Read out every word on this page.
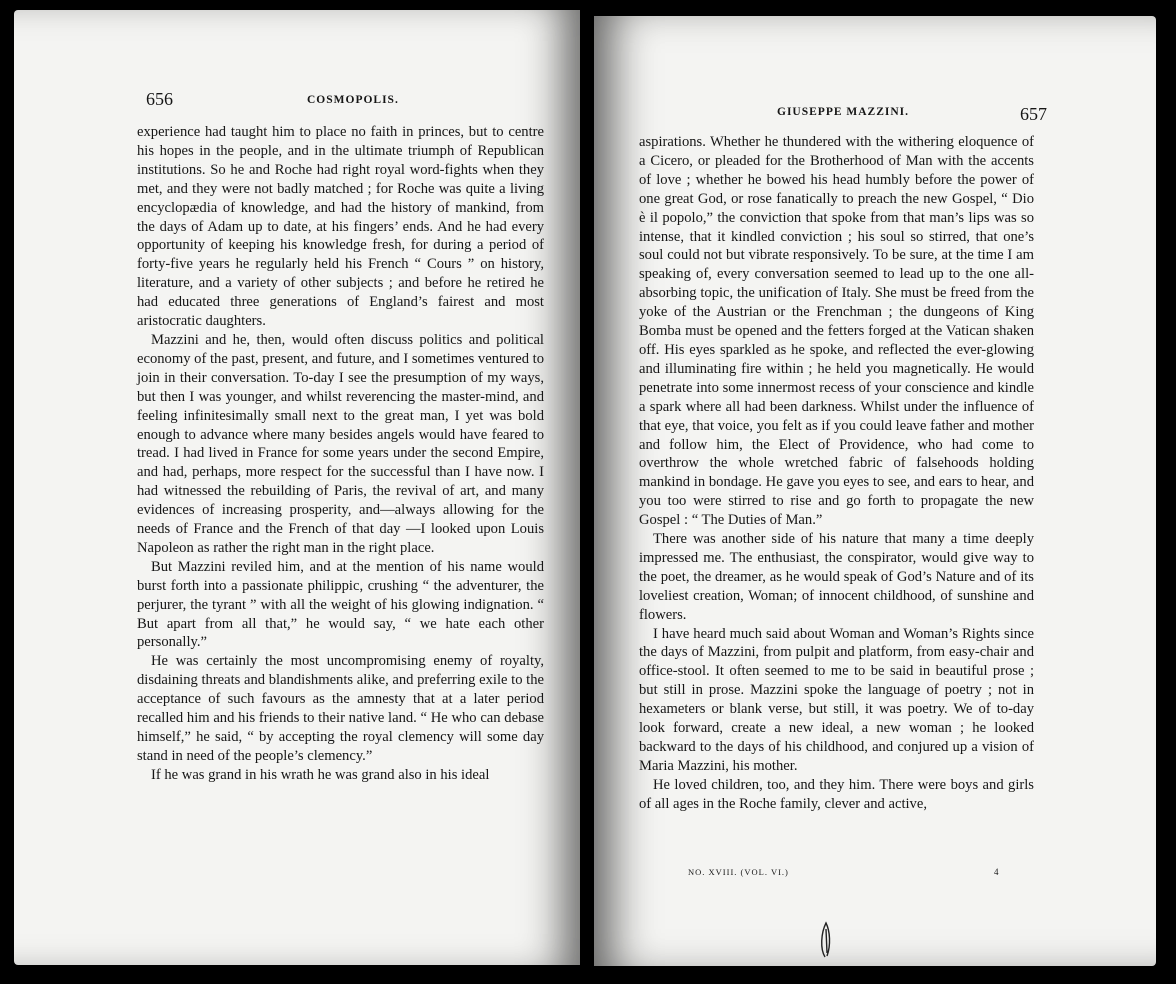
656	COSMOPOLIS.

experience had taught him to place no faith in princes, but to centre his hopes in the people, and in the ultimate triumph of Republican institutions. So he and Roche had right royal word-fights when they met, and they were not badly matched ; for Roche was quite a living encyclopædia of knowledge, and had the history of mankind, from the days of Adam up to date, at his fingers’ ends. And he had every opportunity of keeping his knowledge fresh, for during a period of forty-five years he regularly held his French “ Cours ” on history, literature, and a variety of other subjects ; and before he retired he had educated three generations of England’s fairest and most aristocratic daughters.

Mazzini and he, then, would often discuss politics and political economy of the past, present, and future, and I sometimes ventured to join in their conversation. To-day I see the presumption of my ways, but then I was younger, and whilst reverencing the master-mind, and feeling infinitesimally small next to the great man, I yet was bold enough to advance where many besides angels would have feared to tread. I had lived in France for some years under the second Empire, and had, perhaps, more respect for the successful than I have now. I had witnessed the rebuilding of Paris, the revival of art, and many evidences of increasing prosperity, and—always allowing for the needs of France and the French of that day —I looked upon Louis Napoleon as rather the right man in the right place.

But Mazzini reviled him, and at the mention of his name would burst forth into a passionate philippic, crushing “ the adventurer, the perjurer, the tyrant ” with all the weight of his glowing indignation. “ But apart from all that,” he would say, “ we hate each other personally.”

He was certainly the most uncompromising enemy of royalty, disdaining threats and blandishments alike, and preferring exile to the acceptance of such favours as the amnesty that at a later period recalled him and his friends to their native land. “ He who can debase himself,” he said, “ by accepting the royal clemency will some day stand in need of the people’s clemency.”

If he was grand in his wrath he was grand also in his ideal

GIUSEPPE MAZZINI.	657

aspirations. Whether he thundered with the withering eloquence of a Cicero, or pleaded for the Brotherhood of Man with the accents of love ; whether he bowed his head humbly before the power of one great God, or rose fanatically to preach the new Gospel, “ Dio è il popolo,” the conviction that spoke from that man’s lips was so intense, that it kindled conviction ; his soul so stirred, that one’s soul could not but vibrate responsively. To be sure, at the time I am speaking of, every conversation seemed to lead up to the one all-absorbing topic, the unification of Italy. She must be freed from the yoke of the Austrian or the Frenchman ; the dungeons of King Bomba must be opened and the fetters forged at the Vatican shaken off. His eyes sparkled as he spoke, and reflected the ever-glowing and illuminating fire within ; he held you magnetically. He would penetrate into some innermost recess of your conscience and kindle a spark where all had been darkness. Whilst under the influence of that eye, that voice, you felt as if you could leave father and mother and follow him, the Elect of Providence, who had come to overthrow the whole wretched fabric of falsehoods holding mankind in bondage. He gave you eyes to see, and ears to hear, and you too were stirred to rise and go forth to propagate the new Gospel : “ The Duties of Man.”

There was another side of his nature that many a time deeply impressed me. The enthusiast, the conspirator, would give way to the poet, the dreamer, as he would speak of God’s Nature and of its loveliest creation, Woman; of innocent childhood, of sunshine and flowers.

I have heard much said about Woman and Woman’s Rights since the days of Mazzini, from pulpit and platform, from easy-chair and office-stool. It often seemed to me to be said in beautiful prose ; but still in prose. Mazzini spoke the language of poetry ; not in hexameters or blank verse, but still, it was poetry. We of to-day look forward, create a new ideal, a new woman ; he looked backward to the days of his childhood, and conjured up a vision of Maria Mazzini, his mother.

He loved children, too, and they him. There were boys and girls of all ages in the Roche family, clever and active,

NO. XVIII. (VOL. VI.)	4
